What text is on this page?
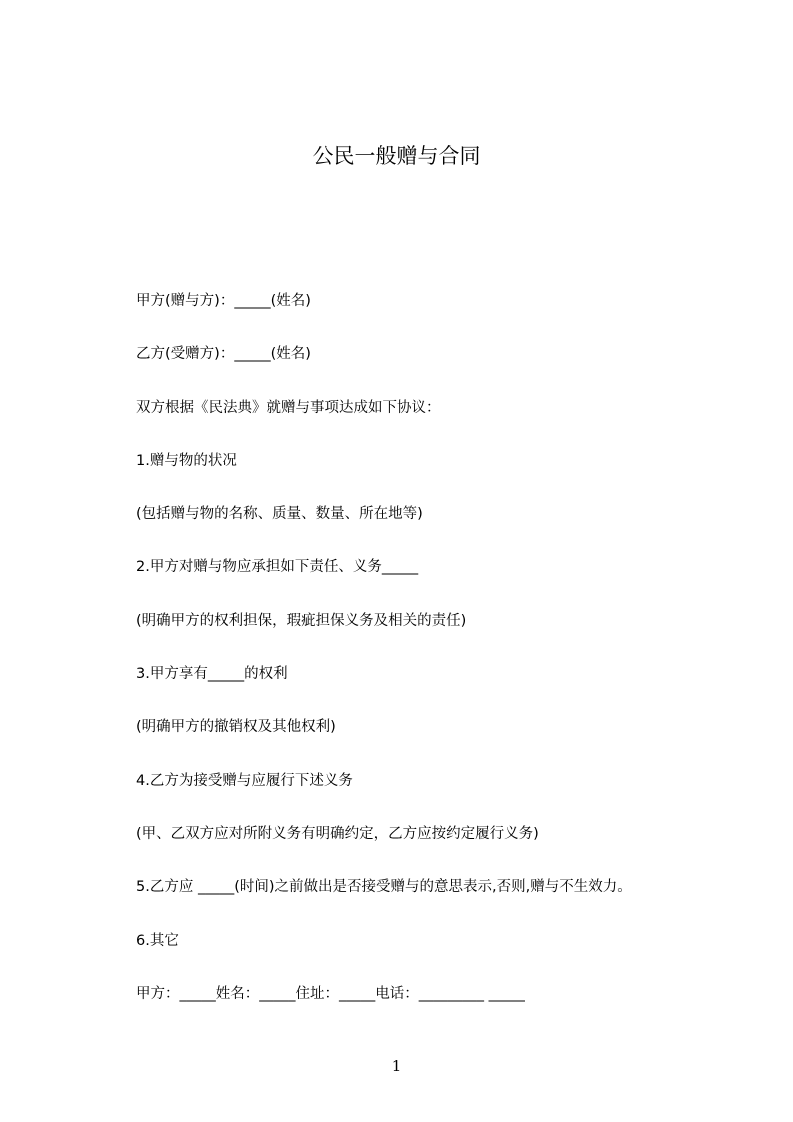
公民一般赠与合同
甲方(赠与方)：_____(姓名)
乙方(受赠方)：_____(姓名)
双方根据《民法典》就赠与事项达成如下协议：
1.赠与物的状况
(包括赠与物的名称、质量、数量、所在地等)
2.甲方对赠与物应承担如下责任、义务_____
(明确甲方的权利担保，瑕疵担保义务及相关的责任)
3.甲方享有_____的权利
(明确甲方的撤销权及其他权利)
4.乙方为接受赠与应履行下述义务
(甲、乙双方应对所附义务有明确约定，乙方应按约定履行义务)
5.乙方应 _____(时间)之前做出是否接受赠与的意思表示,否则,赠与不生效力。
6.其它
甲方：_____姓名：_____住址：_____电话：_________ _____
1
